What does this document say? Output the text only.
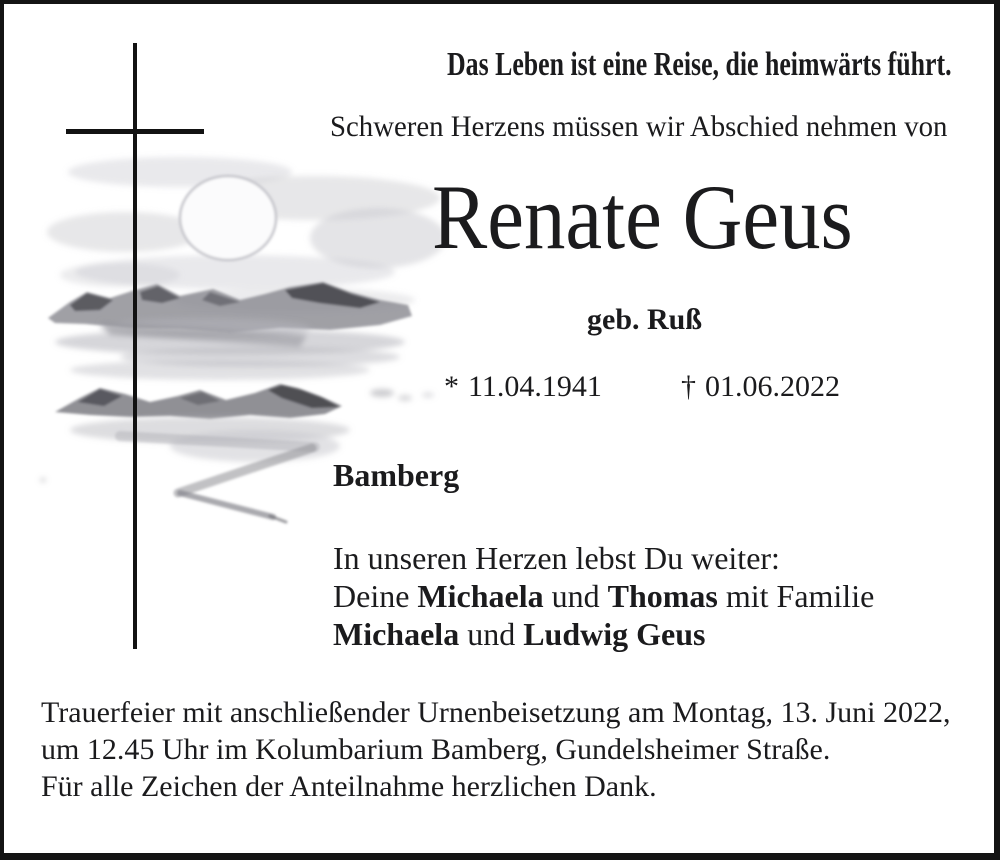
Das Leben ist eine Reise, die heimwärts führt.
Schweren Herzens müssen wir Abschied nehmen von
Renate Geus
geb. Ruß
* 11.04.1941	† 01.06.2022
Bamberg
In unseren Herzen lebst Du weiter:
Deine Michaela und Thomas mit Familie
Michaela und Ludwig Geus
Trauerfeier mit anschließender Urnenbeisetzung am Montag, 13. Juni 2022,
um 12.45 Uhr im Kolumbarium Bamberg, Gundelsheimer Straße.
Für alle Zeichen der Anteilnahme herzlichen Dank.
